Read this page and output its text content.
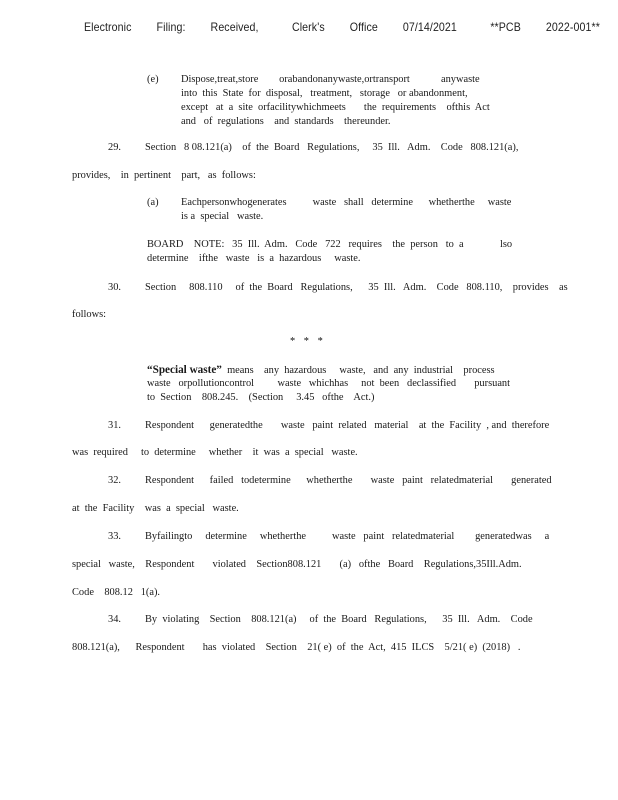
Electronic   Filing:   Received,    Clerk's   Office   07/14/2021    **PCB   2022-001**
(e) Dispose,treat,store        orabandonanywaste,ortransport            anywaste
into  this  State  for  disposal,   treatment,   storage   or abandonment,
except   at  a  site  orfacilitywhichmeets       the  requirements    ofthis  Act
and   of  regulations    and  standards    thereunder.
29. Section   8 08.121(a)    of  the  Board   Regulations,     35  Ill.   Adm.    Code   808.121(a),
provides,    in  pertinent    part,   as  follows:
(a) Eachpersonwhogenerates          waste   shall   determine      whetherthe     waste
is a  special   waste.
BOARD    NOTE:   35  Ill.  Adm.   Code   722   requires    the  person   to  a              lso
determine    ifthe   waste   is  a  hazardous     waste.
30. Section     808.110     of  the  Board   Regulations,      35  Ill.   Adm.    Code   808.110,    provides    as
follows:
* * *
“Special waste”  means    any  hazardous     waste,   and  any  industrial    process
waste   orpollutioncontrol         waste   whichhas     not  been   declassified       pursuant
to  Section    808.245.    (Section     3.45   ofthe    Act.)
31. Respondent      generatedthe       waste   paint  related   material    at  the  Facility  , and  therefore
was  required     to  determine     whether    it  was  a  special   waste.
32. Respondent      failed   todetermine      whetherthe       waste   paint   relatedmaterial       generated
at  the  Facility    was  a  special   waste.
33. Byfailingto     determine     whetherthe          waste   paint   relatedmaterial        generatedwas     a
special   waste,    Respondent       violated    Section808.121       (a)   ofthe   Board    Regulations,35Ill.Adm.
Code    808.12   1(a).
34. By  violating    Section    808.121(a)     of  the  Board   Regulations,      35  Ill.   Adm.    Code
808.121(a),      Respondent       has  violated    Section    21( e)  of  the  Act,  415  ILCS    5/21( e)  (2018)   .
